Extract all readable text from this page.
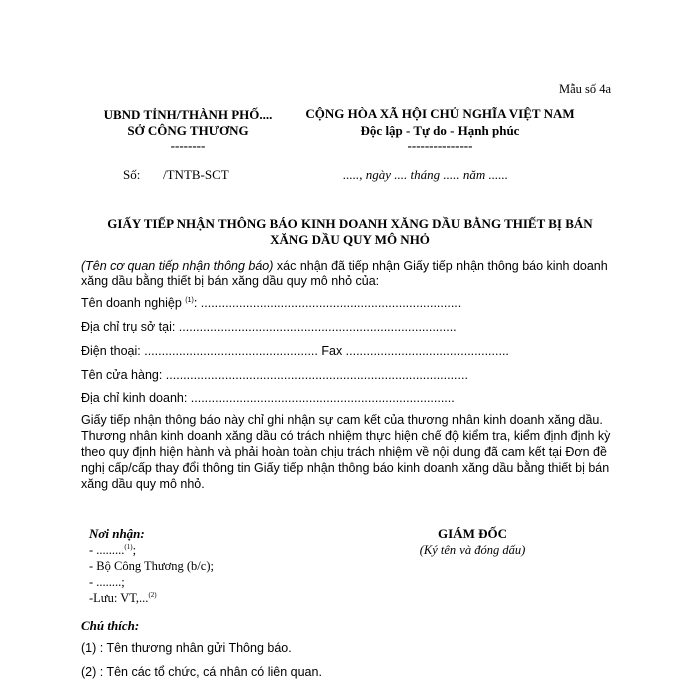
Mẫu số 4a
UBND TỈNH/THÀNH PHỐ....
SỞ CÔNG THƯƠNG
--------
Số: /TNTB-SCT
CỘNG HÒA XÃ HỘI CHỦ NGHĨA VIỆT NAM
Độc lập - Tự do - Hạnh phúc
---------------
....., ngày .... tháng ..... năm ......
GIẤY TIẾP NHẬN THÔNG BÁO KINH DOANH XĂNG DẦU BẰNG THIẾT BỊ BÁN
XĂNG DẦU QUY MÔ NHỎ
(Tên cơ quan tiếp nhận thông báo) xác nhận đã tiếp nhận Giấy tiếp nhận thông báo kinh doanh
xăng dầu bằng thiết bị bán xăng dầu quy mô nhỏ của:
Tên doanh nghiệp $^{(1)}$: ...........................................................................
Địa chỉ trụ sở tại: ................................................................................
Điện thoại: .................................................. Fax ...............................................
Tên cửa hàng: .......................................................................................
Địa chỉ kinh doanh: ............................................................................
Giấy tiếp nhận thông báo này chỉ ghi nhận sự cam kết của thương nhân kinh doanh xăng dầu.
Thương nhân kinh doanh xăng dầu có trách nhiệm thực hiện chế độ kiểm tra, kiểm định định kỳ
theo quy định hiện hành và phải hoàn toàn chịu trách nhiệm về nội dung đã cam kết tại Đơn đề
nghị cấp/cấp thay đổi thông tin Giấy tiếp nhận thông báo kinh doanh xăng dầu bằng thiết bị bán
xăng dầu quy mô nhỏ.
Nơi nhận:
- .........$^{(1)}$;
- Bộ Công Thương (b/c);
- ........;
-Lưu: VT,...$^{(2)}$
GIÁM ĐỐC
(Ký tên và đóng dấu)
Chú thích:
(1) : Tên thương nhân gửi Thông báo.
(2) : Tên các tổ chức, cá nhân có liên quan.
